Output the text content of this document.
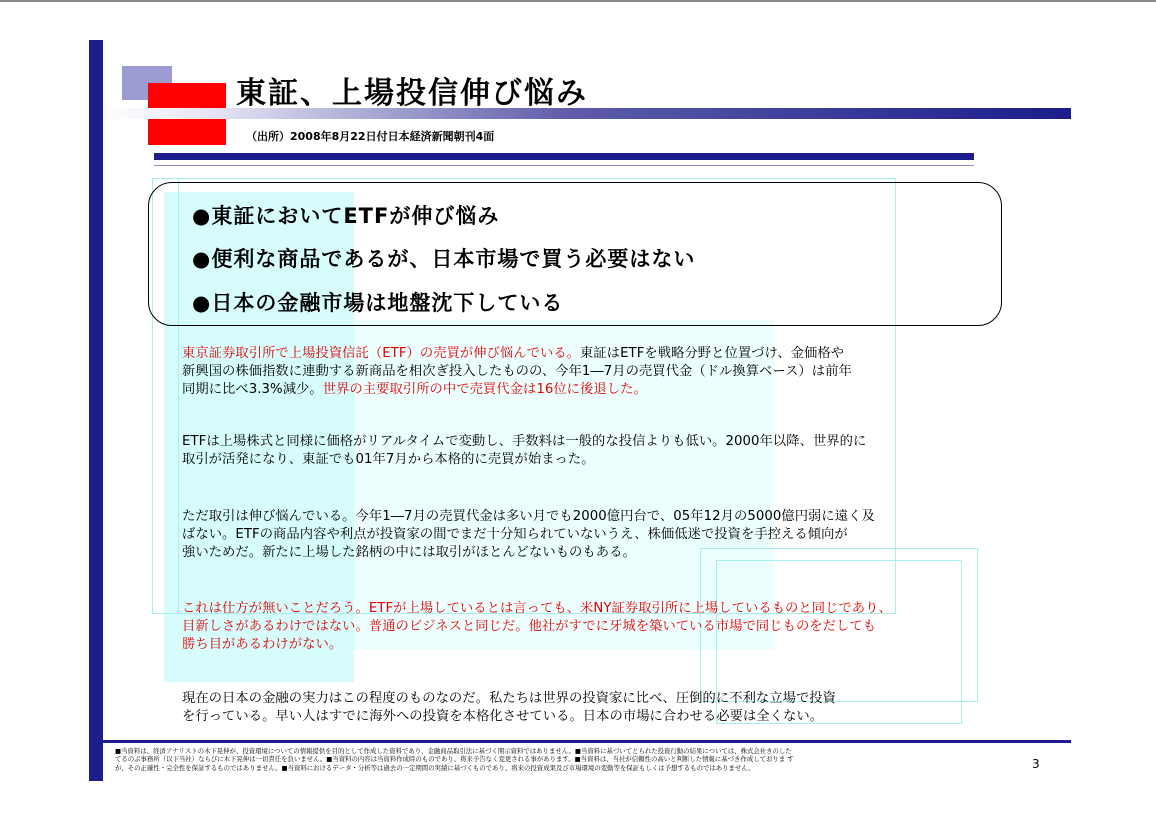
東証、上場投信伸び悩み
（出所）2008年8月22日付日本経済新聞朝刊4面
●東証においてETFが伸び悩み
●便利な商品であるが、日本市場で買う必要はない
●日本の金融市場は地盤沈下している

東京証券取引所で上場投資信託（ETF）の売買が伸び悩んでいる。東証はETFを戦略分野と位置づけ、金価格や

新興国の株価指数に連動する新商品を相次ぎ投入したものの、今年1―7月の売買代金（ドル換算ベース）は前年

同期に比べ3.3%減少。世界の主要取引所の中で売買代金は16位に後退した。

ETFは上場株式と同様に価格がリアルタイムで変動し、手数料は一般的な投信よりも低い。2000年以降、世界的に

取引が活発になり、東証でも01年7月から本格的に売買が始まった。

ただ取引は伸び悩んでいる。今年1―7月の売買代金は多い月でも2000億円台で、05年12月の5000億円弱に遠く及

ばない。ETFの商品内容や利点が投資家の間でまだ十分知られていないうえ、株価低迷で投資を手控える傾向が

強いためだ。新たに上場した銘柄の中には取引がほとんどないものもある。

これは仕方が無いことだろう。ETFが上場しているとは言っても、米NY証券取引所に上場しているものと同じであり、

目新しさがあるわけではない。普通のビジネスと同じだ。他社がすでに牙城を築いている市場で同じものをだしても

勝ち目があるわけがない。

現在の日本の金融の実力はこの程度のものなのだ。私たちは世界の投資家に比べ、圧倒的に不利な立場で投資

を行っている。早い人はすでに海外への投資を本格化させている。日本の市場に合わせる必要は全くない。

■当資料は、経済アナリストの木下晃伸が、投資環境についての情報提供を目的として作成した資料であり、金融商品取引法に基づく開示資料ではありません。■当資料に基づいてとられた投資行動の結果については、株式会社きのした

てるのぶ事務所（以下当社）ならびに木下晃伸は一切責任を負いません。■当資料の内容は当資料作成時のものであり、将来予告なく変更される事があります。■当資料は、当社が信頼性の高いと判断した情報に基づき作成しておりま す

が、その正確性・完全性を保証するものではありません。■当資料におけるデータ・分析等は過去の一定期間の実績に基づくものであり、将来の投資成果及び市場環境の変動等を保証もしくは予想するものではありません。	3
